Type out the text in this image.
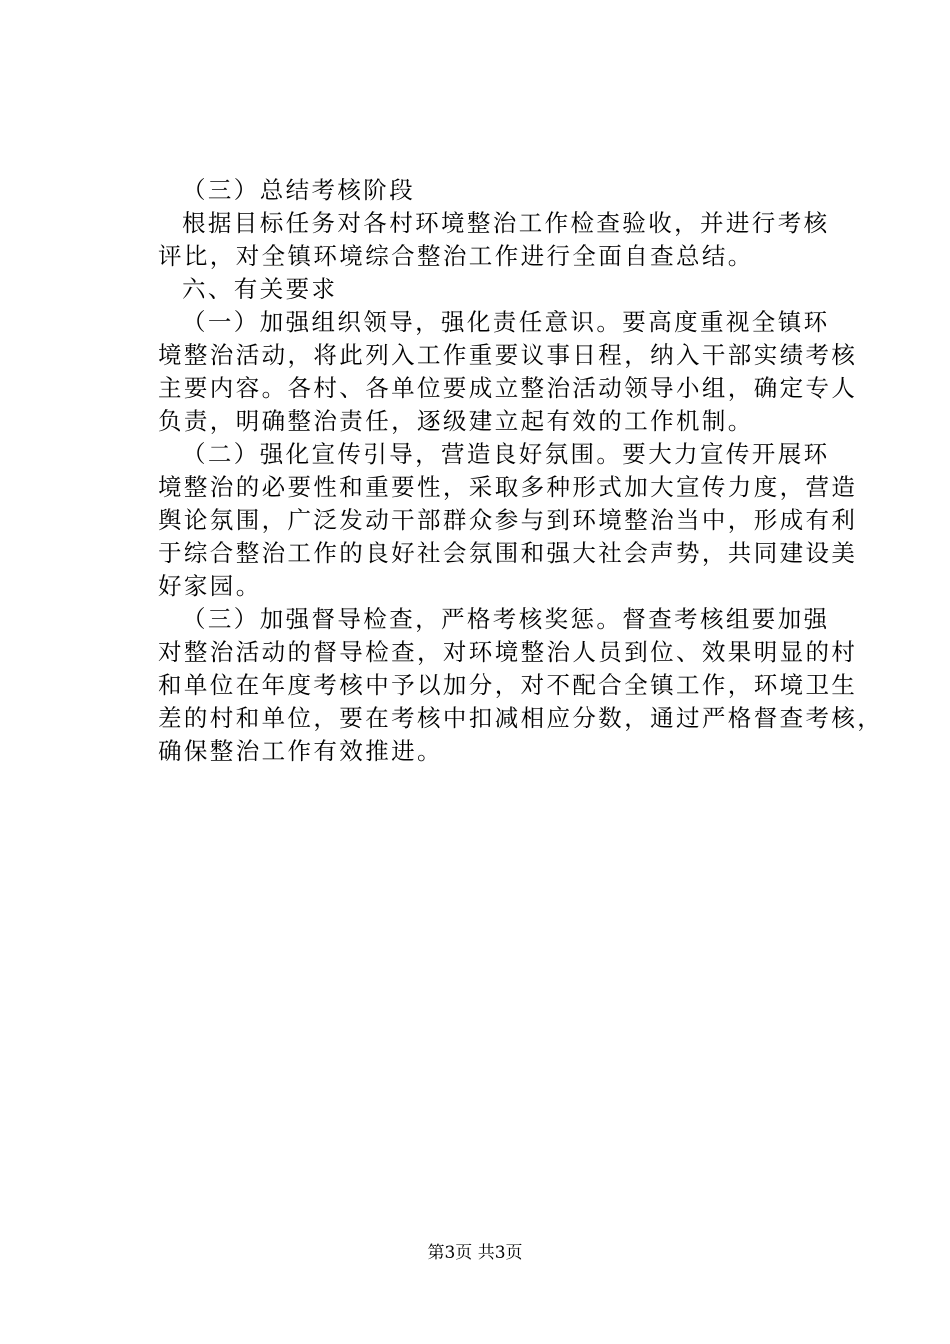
（三）总结考核阶段
根据目标任务对各村环境整治工作检查验收，并进行考核
评比，对全镇环境综合整治工作进行全面自查总结。
六、有关要求
（一）加强组织领导，强化责任意识。要高度重视全镇环
境整治活动，将此列入工作重要议事日程，纳入干部实绩考核
主要内容。各村、各单位要成立整治活动领导小组，确定专人
负责，明确整治责任，逐级建立起有效的工作机制。
（二）强化宣传引导，营造良好氛围。要大力宣传开展环
境整治的必要性和重要性，采取多种形式加大宣传力度，营造
舆论氛围，广泛发动干部群众参与到环境整治当中，形成有利
于综合整治工作的良好社会氛围和强大社会声势，共同建设美
好家园。
（三）加强督导检查，严格考核奖惩。督查考核组要加强
对整治活动的督导检查，对环境整治人员到位、效果明显的村
和单位在年度考核中予以加分，对不配合全镇工作，环境卫生
差的村和单位，要在考核中扣减相应分数，通过严格督查考核，
确保整治工作有效推进。
第3页 共3页
